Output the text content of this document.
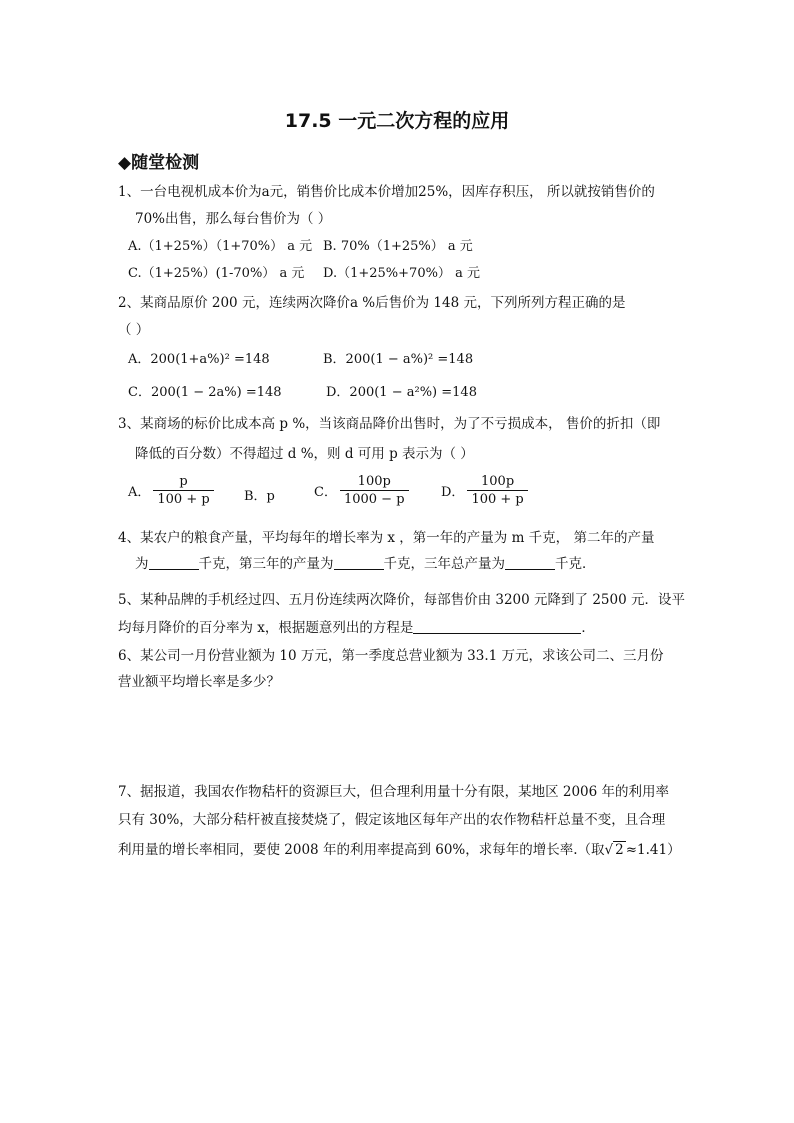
17.5 一元二次方程的应用
◆随堂检测
1、一台电视机成本价为a元，销售价比成本价增加25%，因库存积压， 所以就按销售价的
70%出售，那么每台售价为（ ）
A.（1+25%）（1+70%） a 元 B. 70%（1+25%） a 元
C.（1+25%）(1-70%） a 元 D.（1+25%+70%） a 元
2、某商品原价 200 元，连续两次降价a %后售价为 148 元，下列所列方程正确的是
（ ）
A．200(1+a%)² =148	B．200(1 − a%)² =148
C．200(1 − 2a%) =148	D．200(1 − a²%) =148
3、某商场的标价比成本高 p %，当该商品降价出售时，为了不亏损成本， 售价的折扣（即
降低的百分数）不得超过 d %，则 d 可用 p 表示为（ ）
A． $\frac{p}{100 + p}$ B．p	C． $\frac{100p}{1000 - p}$ D． $\frac{100p}{100 + p}$
4、某农户的粮食产量，平均每年的增长率为 x ，第一年的产量为 m 千克， 第二年的产量
为	千克，第三年的产量为	千克，三年总产量为	千克．
5、某种品牌的手机经过四、五月份连续两次降价，每部售价由 3200 元降到了 2500 元．设平
均每月降价的百分率为 x，根据题意列出的方程是	．
6、某公司一月份营业额为 10 万元，第一季度总营业额为 33.1 万元，求该公司二、三月份
营业额平均增长率是多少？
7、据报道，我国农作物秸杆的资源巨大，但合理利用量十分有限，某地区 2006 年的利用率
只有 30%，大部分秸杆被直接焚烧了，假定该地区每年产出的农作物秸杆总量不变，且合理
利用量的增长率相同，要使 2008 年的利用率提高到 60%，求每年的增长率.（取√ 2 ≈1.41）
